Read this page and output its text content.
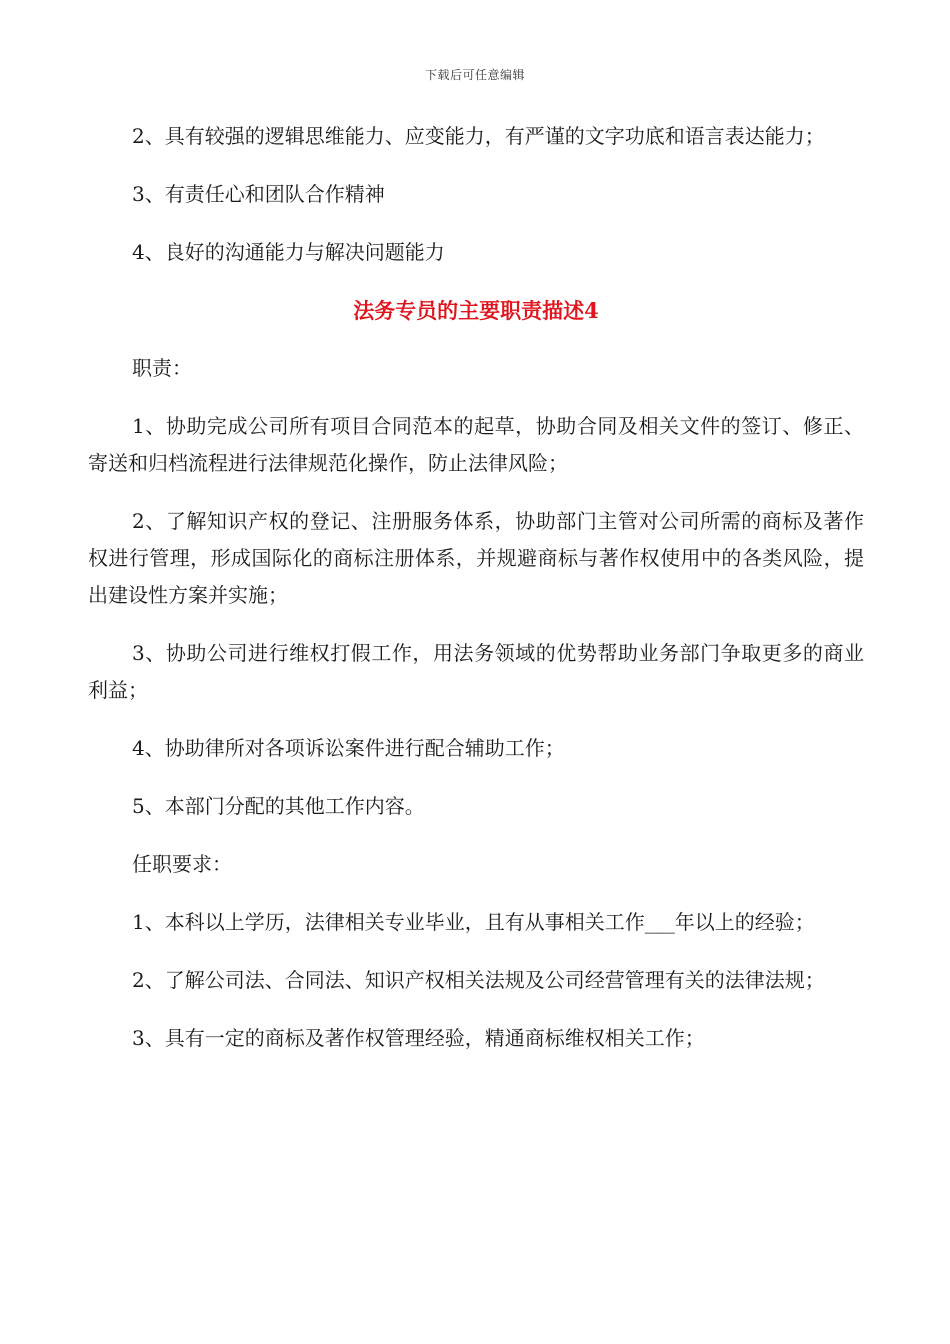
下载后可任意编辑

2、具有较强的逻辑思维能力、应变能力，有严谨的文字功底和语言表达能力；

3、有责任心和团队合作精神

4、良好的沟通能力与解决问题能力

法务专员的主要职责描述4

职责：

1、协助完成公司所有项目合同范本的起草，协助合同及相关文件的签订、修正、寄送和归档流程进行法律规范化操作，防止法律风险；

2、了解知识产权的登记、注册服务体系，协助部门主管对公司所需的商标及著作权进行管理，形成国际化的商标注册体系，并规避商标与著作权使用中的各类风险，提出建设性方案并实施；

3、协助公司进行维权打假工作，用法务领域的优势帮助业务部门争取更多的商业利益；

4、协助律所对各项诉讼案件进行配合辅助工作；

5、本部门分配的其他工作内容。

任职要求：

1、本科以上学历，法律相关专业毕业，且有从事相关工作___年以上的经验；

2、了解公司法、合同法、知识产权相关法规及公司经营管理有关的法律法规；

3、具有一定的商标及著作权管理经验，精通商标维权相关工作；
